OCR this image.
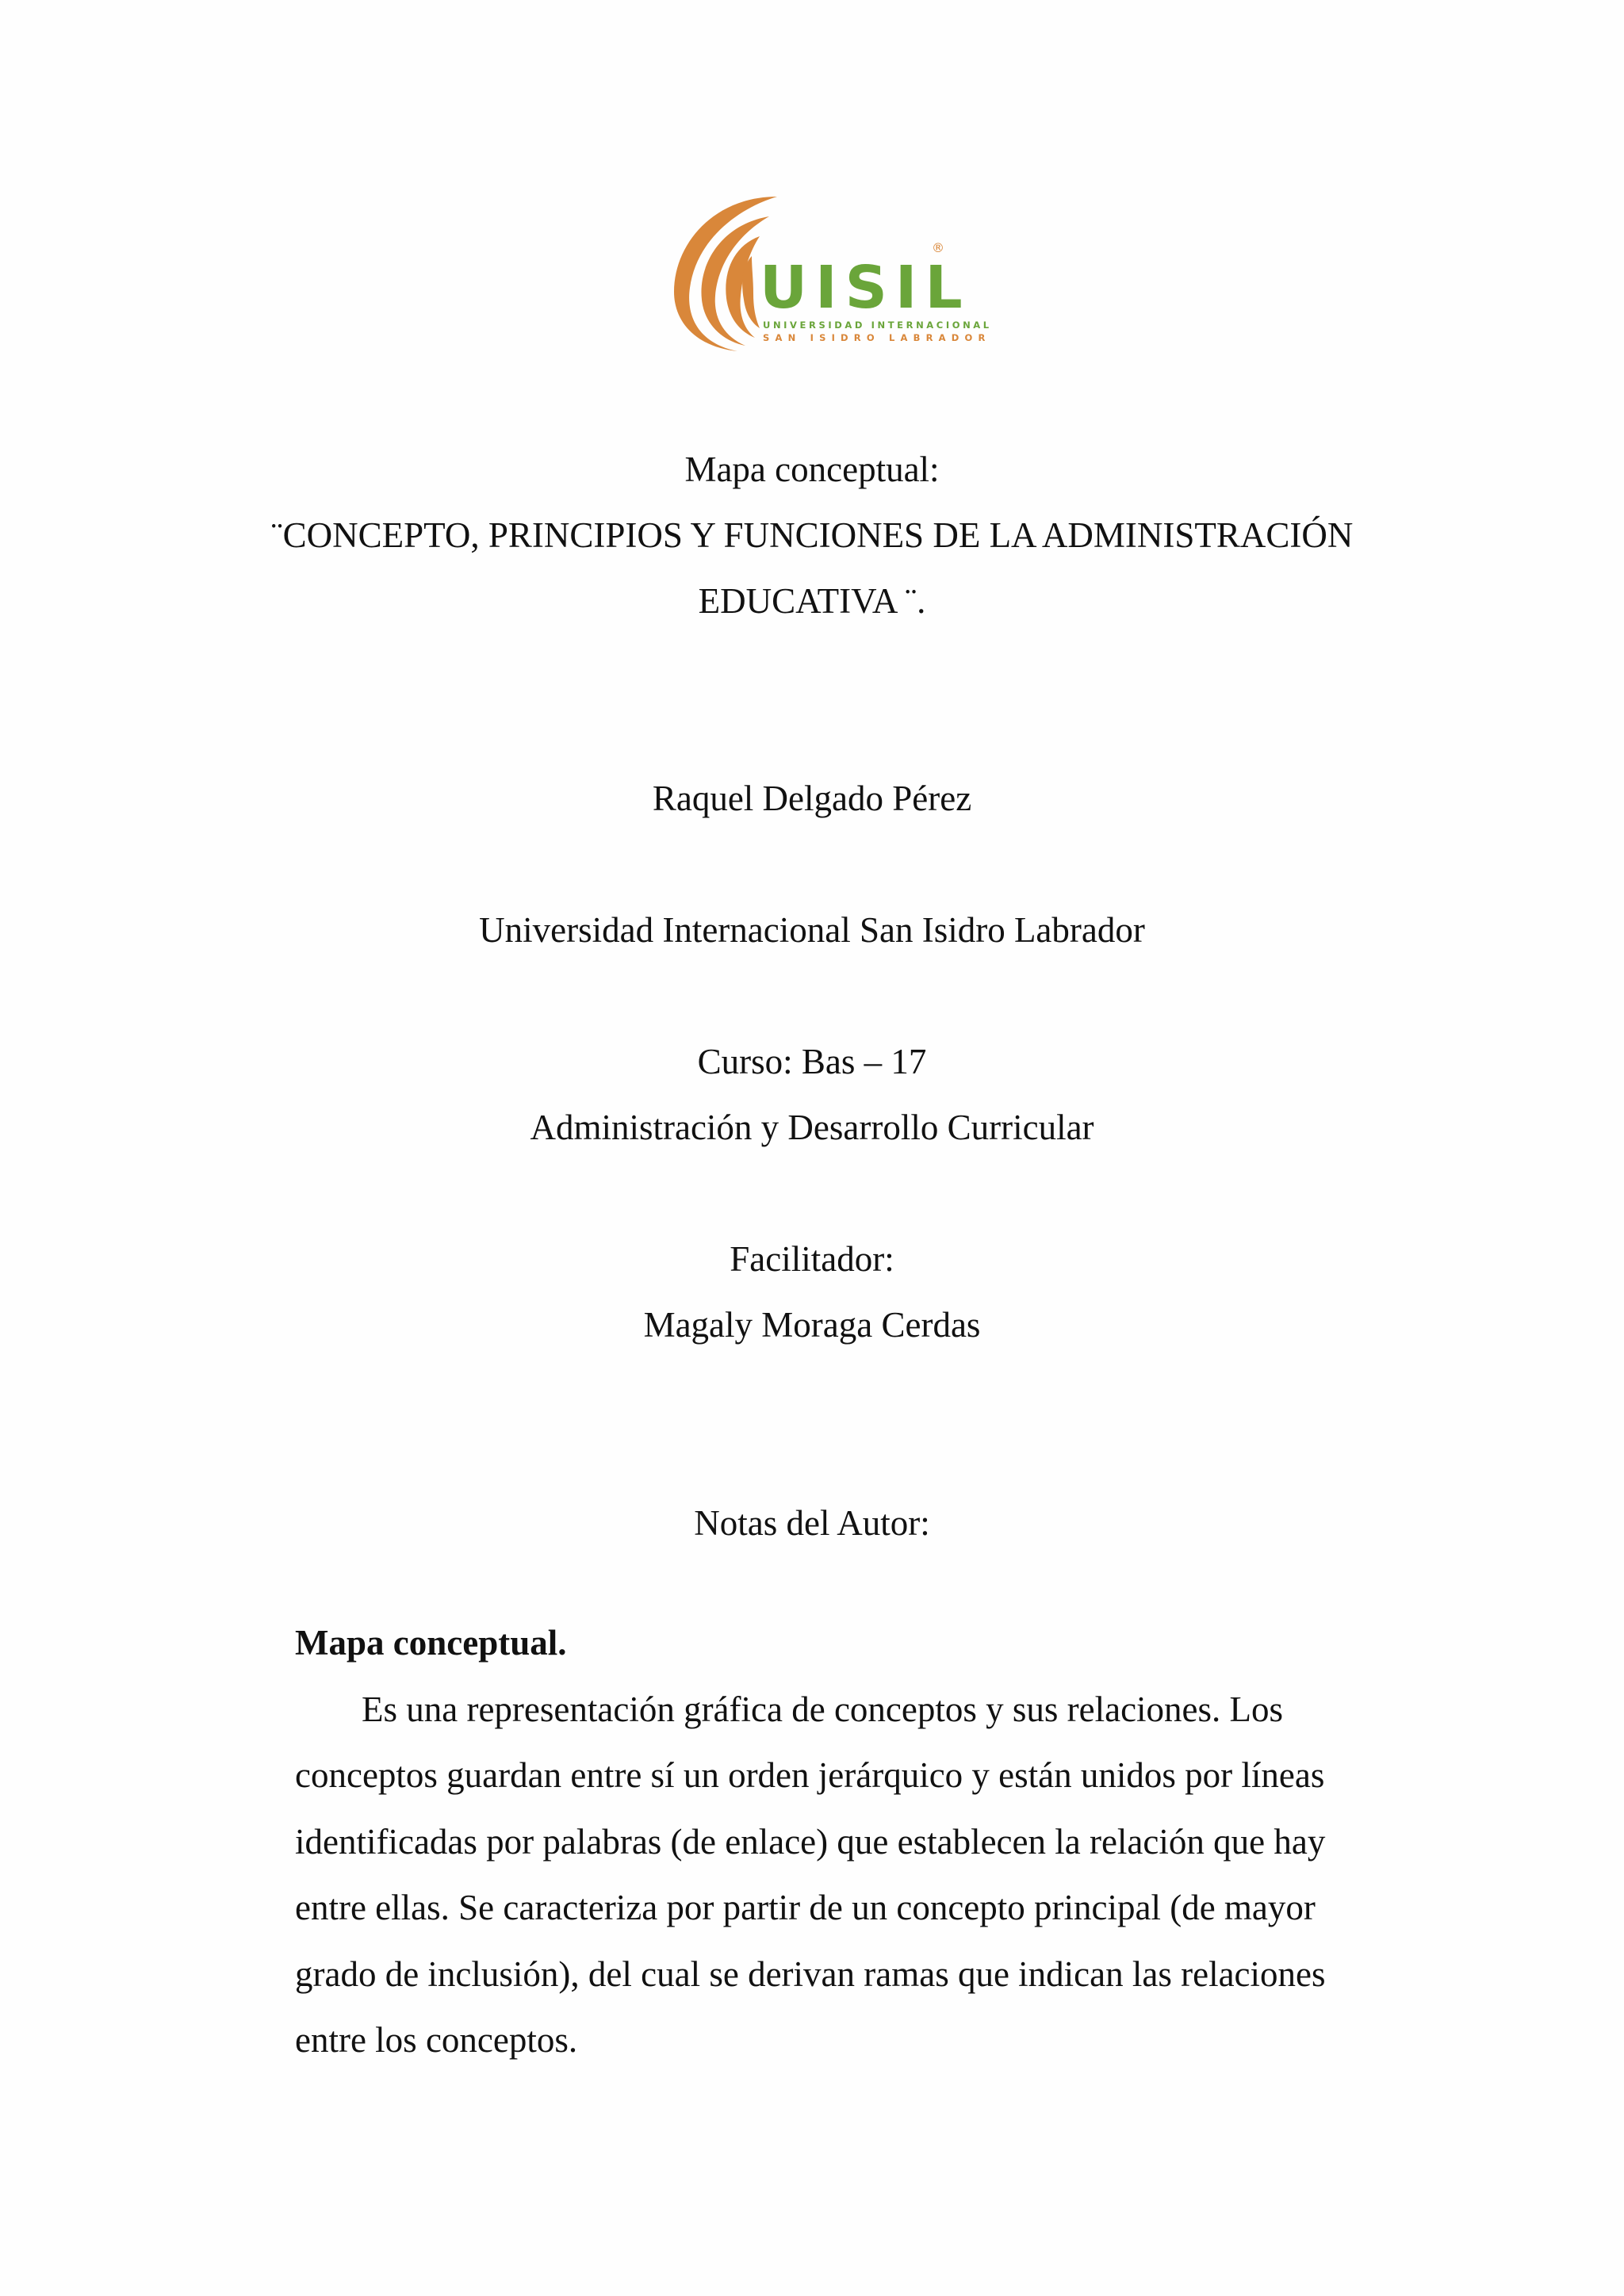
UISIL
®
UNIVERSIDAD INTERNACIONAL
SAN ISIDRO LABRADOR
Mapa conceptual:
¨CONCEPTO, PRINCIPIOS Y FUNCIONES DE LA ADMINISTRACIÓN
EDUCATIVA ¨.
Raquel Delgado Pérez
Universidad Internacional San Isidro Labrador
Curso: Bas – 17
Administración y Desarrollo Curricular
Facilitador:
Magaly Moraga Cerdas
Notas del Autor:
Mapa conceptual.
Es una representación gráfica de conceptos y sus relaciones. Los conceptos guardan entre sí un orden jerárquico y están unidos por líneas identificadas por palabras (de enlace) que establecen la relación que hay entre ellas. Se caracteriza por partir de un concepto principal (de mayor grado de inclusión), del cual se derivan ramas que indican las relaciones entre los conceptos.
